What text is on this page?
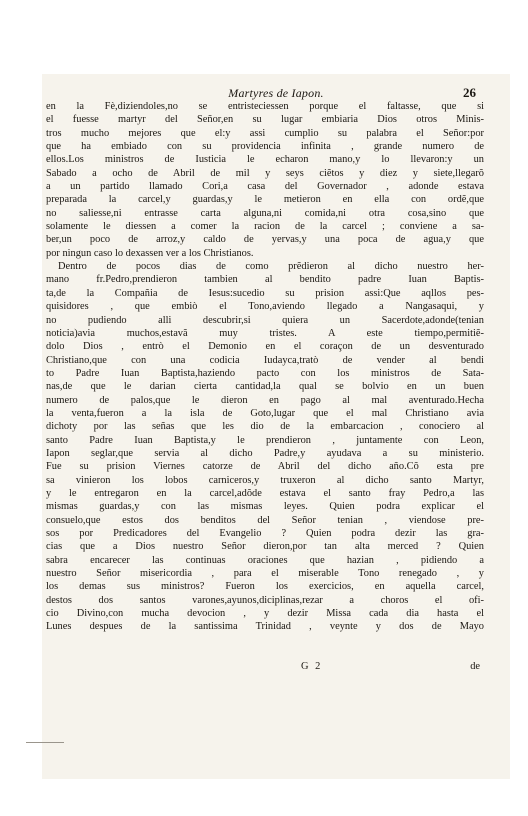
Martyres de Iapon.	26
en la Fè,diziendoles,no se entristeciessen porque el faltasse, que si
el fuesse martyr del Señor,en su lugar embiaria Dios otros Minis-
tros mucho mejores que el:y assi cumplio su palabra el Señor:por
que ha embiado con su providencia infinita , grande numero de
ellos.Los ministros de Iusticia le echaron mano,y lo llevaron:y un
Sabado a ocho de Abril de mil y seys ciẽtos y diez y siete,llegarõ
a un partido llamado Cori,a casa del Governador , adonde estava
preparada la carcel,y guardas,y le metieron en ella con ordẽ,que
no saliesse,ni entrasse carta alguna,ni comida,ni otra cosa,sino que
solamente le diessen a comer la racion de la carcel ; conviene a sa-
ber,un poco de arroz,y caldo de yervas,y una poca de agua,y que
por ningun caso lo dexassen ver a los Christianos.
Dentro de pocos dias de como prẽdieron al dicho nuestro her-
mano fr.Pedro,prendieron tambien al bendito padre Iuan Baptis-
ta,de la Compañia de Iesus:sucedio su prision assi:Que aqllos pes-
quisidores , que embiò el Tono,aviendo llegado a Nangasaqui, y
no pudiendo alli descubrir,si quiera un Sacerdote,adonde(tenian
noticia)avia muchos,estavã muy tristes. A este tiempo,permitiẽ-
dolo Dios , entrò el Demonio en el coraçon de un desventurado
Christiano,que con una codicia Iudayca,tratò de vender al bendi
to Padre Iuan Baptista,haziendo pacto con los ministros de Sata-
nas,de que le darian cierta cantidad,la qual se bolvio en un buen
numero de palos,que le dieron en pago al mal aventurado.Hecha
la venta,fueron a la isla de Goto,lugar que el mal Christiano avia
dichoty por las señas que les dio de la embarcacion , conociero al
santo Padre Iuan Baptista,y le prendieron , juntamente con Leon,
Iapon seglar,que servia al dicho Padre,y ayudava a su ministerio.
Fue su prision Viernes catorze de Abril del dicho año.Cõ esta pre
sa vinieron los lobos carniceros,y truxeron al dicho santo Martyr,
y le entregaron en la carcel,adõde estava el santo fray Pedro,a las
mismas guardas,y con las mismas leyes. Quien podra explicar el
consuelo,que estos dos benditos del Señor tenian , viendose pre-
sos por Predicadores del Evangelio ? Quien podra dezir las gra-
cias que a Dios nuestro Señor dieron,por tan alta merced ? Quien
sabra encarecer las continuas oraciones que hazian , pidiendo a
nuestro Señor misericordia , para el miserable Tono renegado , y
los demas sus ministros? Fueron los exercicios, en aquella carcel,
destos dos santos varones,ayunos,diciplinas,rezar a choros el ofi-
cio Divino,con mucha devocion , y dezir Missa cada dia hasta el
Lunes despues de la santissima Trinidad , veynte y dos de Mayo
G 2	de
